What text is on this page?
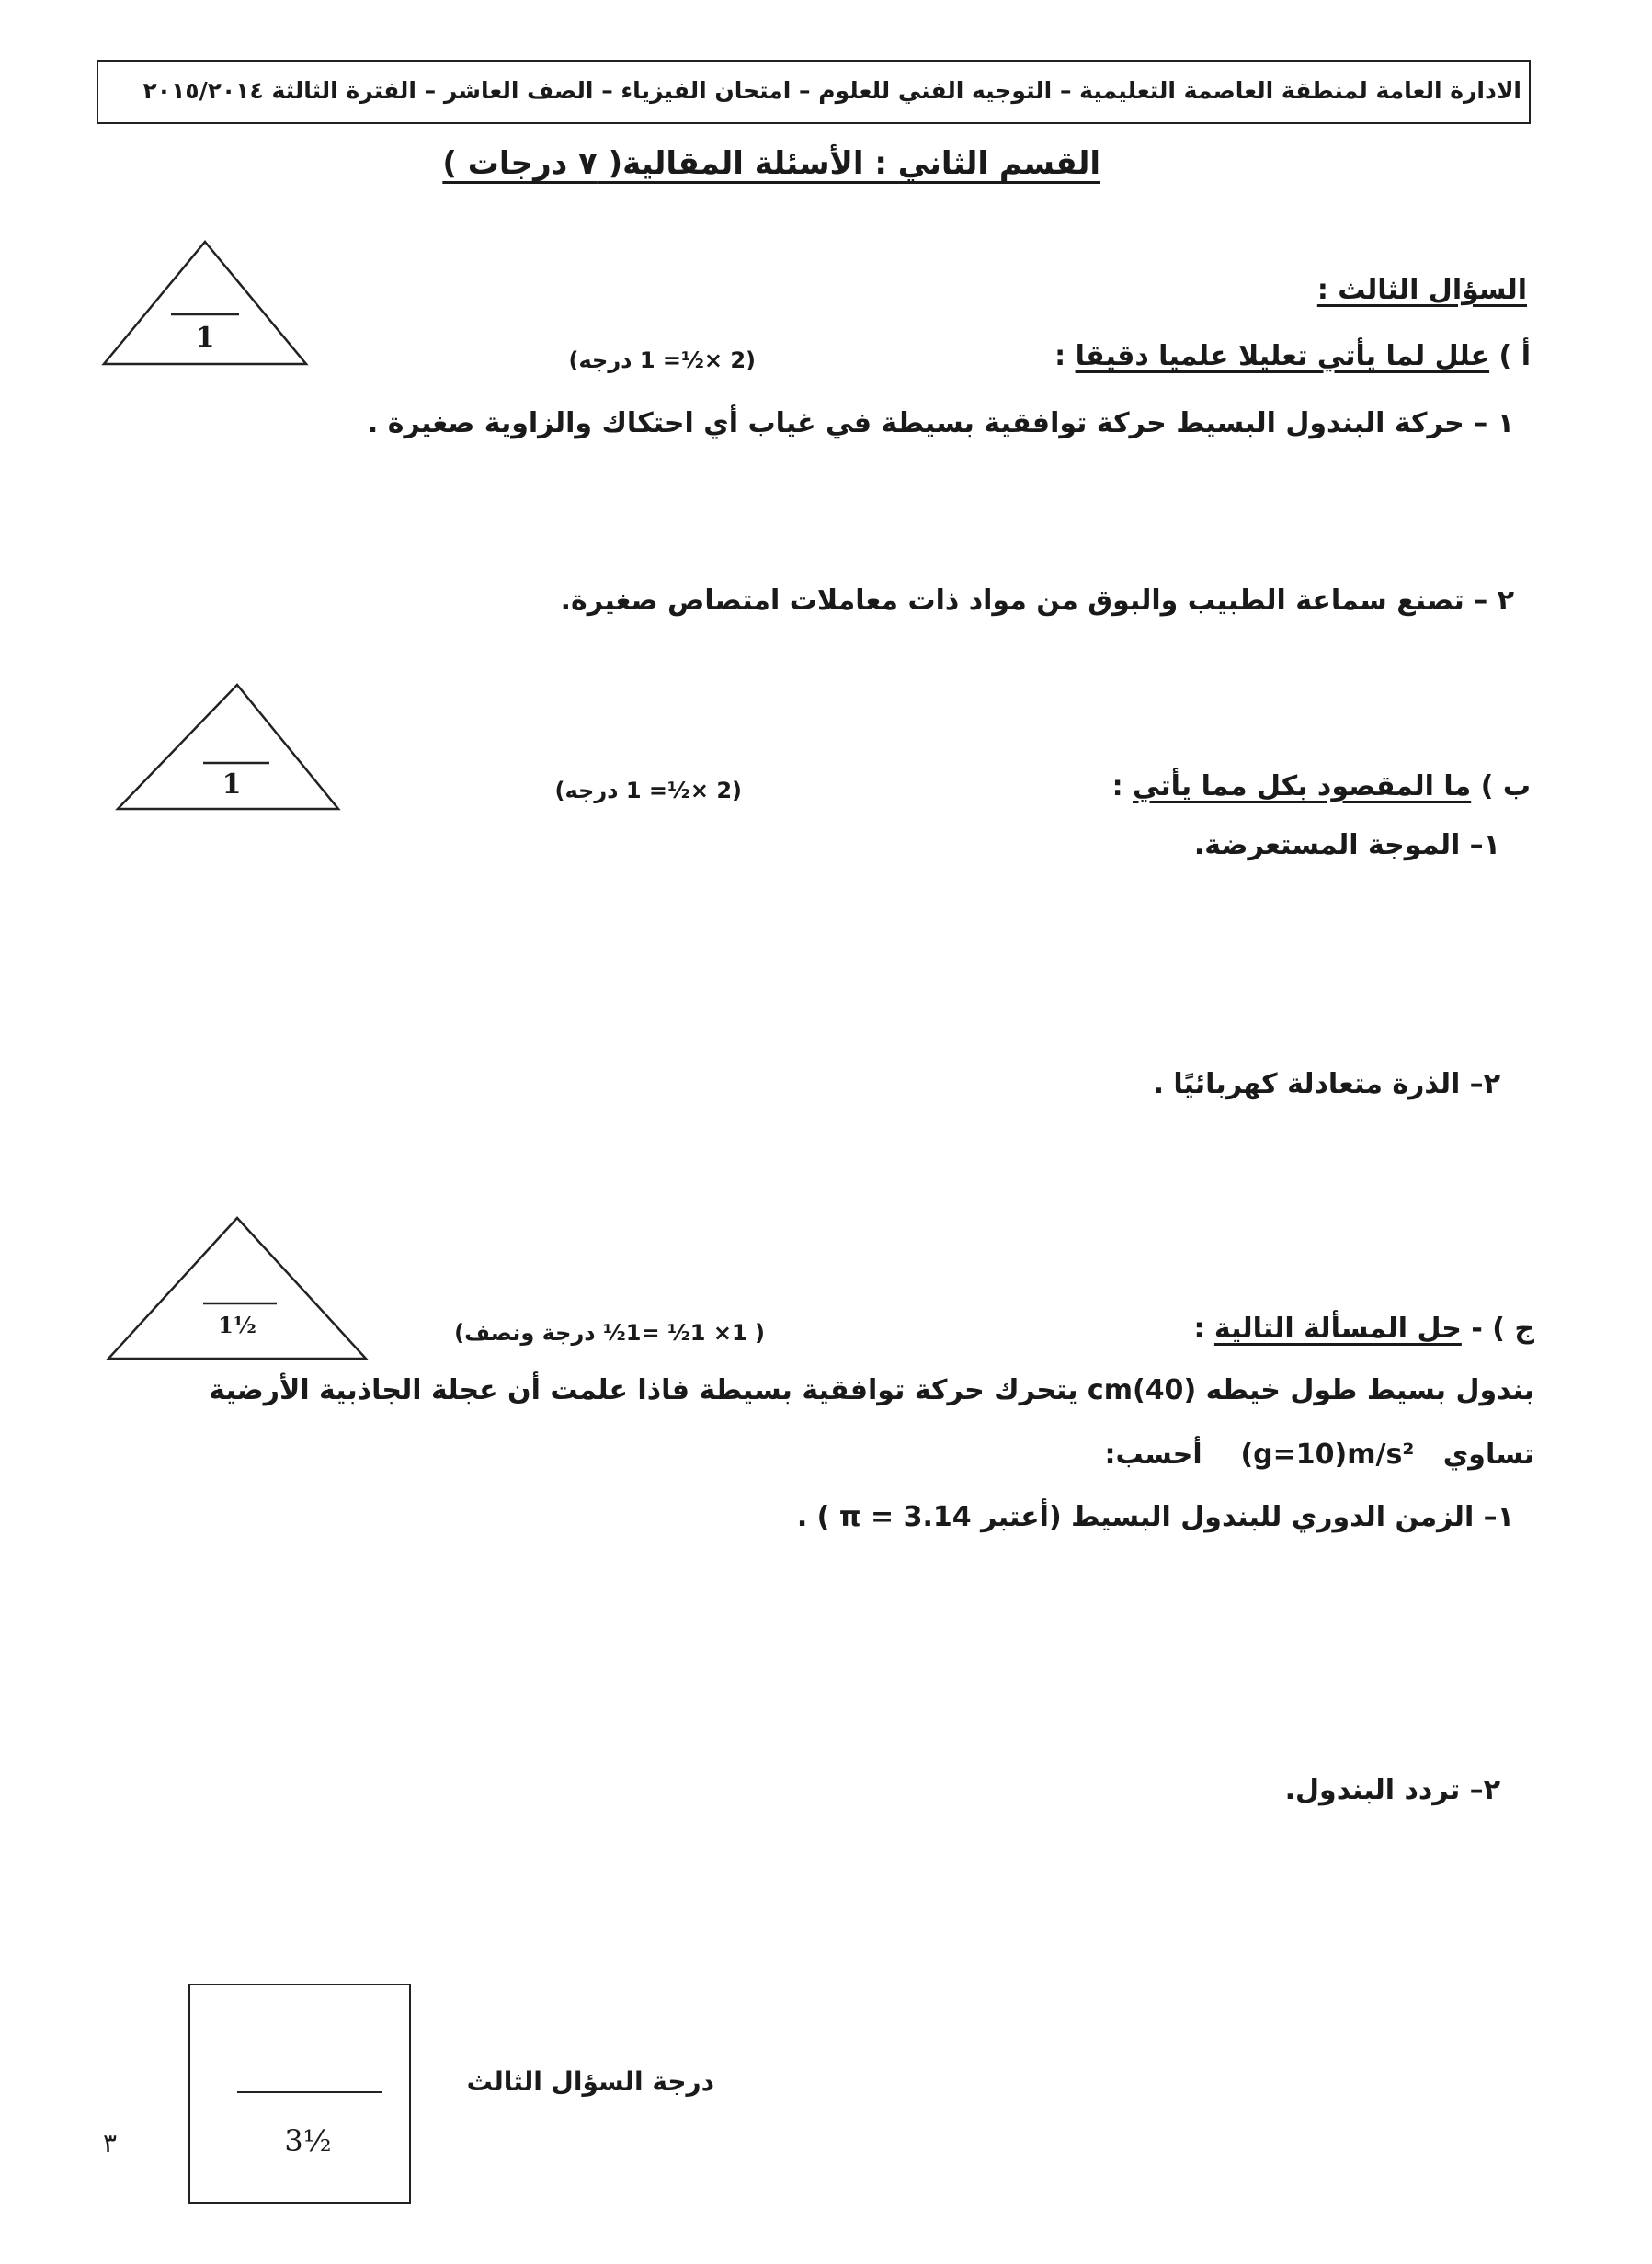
الادارة العامة لمنطقة العاصمة التعليمية – التوجيه الفني للعلوم – امتحان الفيزياء – الصف العاشر – الفترة الثالثة ٢٠١٥/٢٠١٤
القسم الثاني : الأسئلة المقالية( ٧ درجات )
السؤال الثالث :
1
أ ) علل لما يأتي تعليلا علميا دقيقا :
(2 ×½= 1 درجه)
١ – حركة البندول البسيط حركة توافقية بسيطة في غياب أي احتكاك والزاوية صغيرة .
٢ – تصنع سماعة الطبيب والبوق من مواد ذات معاملات امتصاص صغيرة.
1	ب ) ما المقصود بكل مما يأتي :
(2 ×½= 1 درجه)
١– الموجة المستعرضة.
٢– الذرة متعادلة كهربائيًا .
1½	ج ) - حل المسألة التالية :
( 1× 1½ =1½ درجة ونصف)
بندول بسيط طول خيطه (40)cm يتحرك حركة توافقية بسيطة فاذا علمت أن عجلة الجاذبية الأرضية
تساوي   (g=10)m/s²    أحسب:
١– الزمن الدوري للبندول البسيط (أعتبر π = 3.14 ) .
٢– تردد البندول.
3½
درجة السؤال الثالث
٣
